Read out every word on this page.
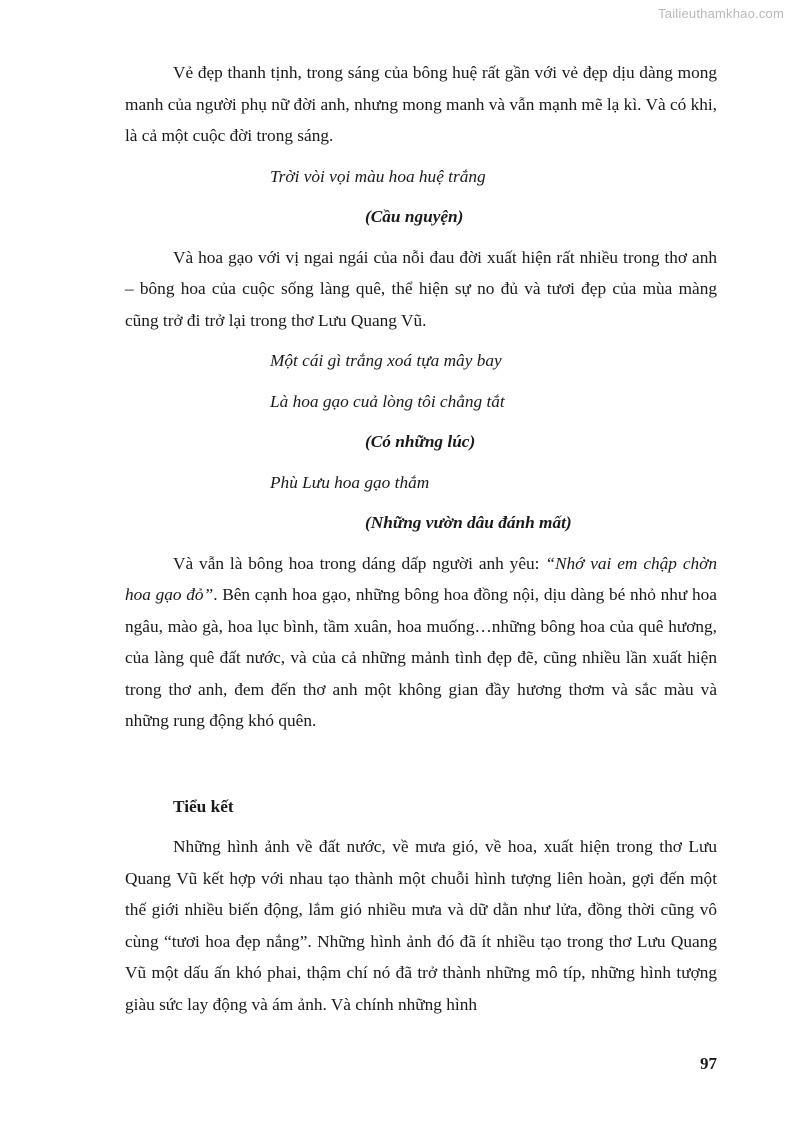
Tailieuthamkhao.com

Vẻ đẹp thanh tịnh, trong sáng của bông huệ rất gần với vẻ đẹp dịu dàng mong manh của người phụ nữ đời anh, nhưng mong manh và vẫn mạnh mẽ lạ kì. Và có khi, là cả một cuộc đời trong sáng.

Trời vòi vọi màu hoa huệ trắng
(Cầu nguyện)

Và hoa gạo với vị ngai ngái của nỗi đau đời xuất hiện rất nhiều trong thơ anh – bông hoa của cuộc sống làng quê, thể hiện sự no đủ và tươi đẹp của mùa màng cũng trở đi trở lại trong thơ Lưu Quang Vũ.

Một cái gì trắng xoá tựa mây bay
Là hoa gạo cuả lòng tôi chẳng tắt
(Có những lúc)
Phù Lưu hoa gạo thắm
(Những vườn dâu đánh mất)

Và vẫn là bông hoa trong dáng dấp người anh yêu: “Nhớ vai em chập chờn hoa gạo đỏ”. Bên cạnh hoa gạo, những bông hoa đồng nội, dịu dàng bé nhỏ như hoa ngâu, mào gà, hoa lục bình, tầm xuân, hoa muống…những bông hoa của quê hương, của làng quê đất nước, và của cả những mảnh tình đẹp đẽ, cũng nhiều lần xuất hiện trong thơ anh, đem đến thơ anh một không gian đầy hương thơm và sắc màu và những rung động khó quên.

Tiểu kết

Những hình ảnh về đất nước, về mưa gió, về hoa, xuất hiện trong thơ Lưu Quang Vũ kết hợp với nhau tạo thành một chuỗi hình tượng liên hoàn, gợi đến một thế giới nhiều biến động, lắm gió nhiều mưa và dữ dằn như lửa, đồng thời cũng vô cùng “tươi hoa đẹp nắng”. Những hình ảnh đó đã ít nhiều tạo trong thơ Lưu Quang Vũ một dấu ấn khó phai, thậm chí nó đã trở thành những mô típ, những hình tượng giàu sức lay động và ám ảnh. Và chính những hình

97
